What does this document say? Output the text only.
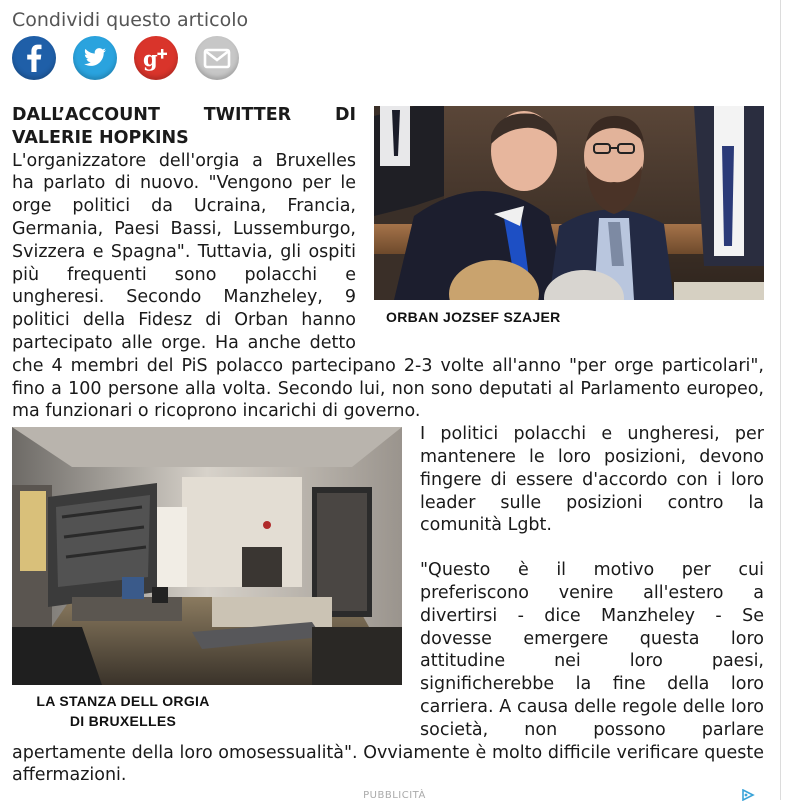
Condividi questo articolo
g
ORBAN JOZSEF SZAJER
DALL’ACCOUNT TWITTER DI
VALERIE HOPKINS

L'organizzatore dell'orgia a Bruxelles ha parlato di nuovo. "Vengono per le orge politici da Ucraina, Francia, Germania, Paesi Bassi, Lussemburgo, Svizzera e Spagna". Tuttavia, gli ospiti più frequenti sono polacchi e ungheresi. Secondo Manzheley, 9 politici della Fidesz di Orban hanno partecipato alle orge. Ha anche detto che 4 membri del PiS polacco partecipano 2-3 volte all'anno "per orge particolari", fino a 100 persone alla volta. Secondo lui, non sono deputati al Parlamento europeo, ma funzionari o ricoprono incarichi di governo.

LA STANZA DELL ORGIA
DI BRUXELLES

I politici polacchi e ungheresi, per mantenere le loro posizioni, devono fingere di essere d'accordo con i loro leader sulle posizioni contro la comunità Lgbt.

"Questo è il motivo per cui preferiscono venire all'estero a divertirsi - dice Manzheley - Se dovesse emergere questa loro attitudine nei loro paesi, significherebbe la fine della loro carriera. A causa delle regole delle loro società, non possono parlare apertamente della loro omosessualità". Ovviamente è molto difficile verificare queste affermazioni.

PUBBLICITÀ
